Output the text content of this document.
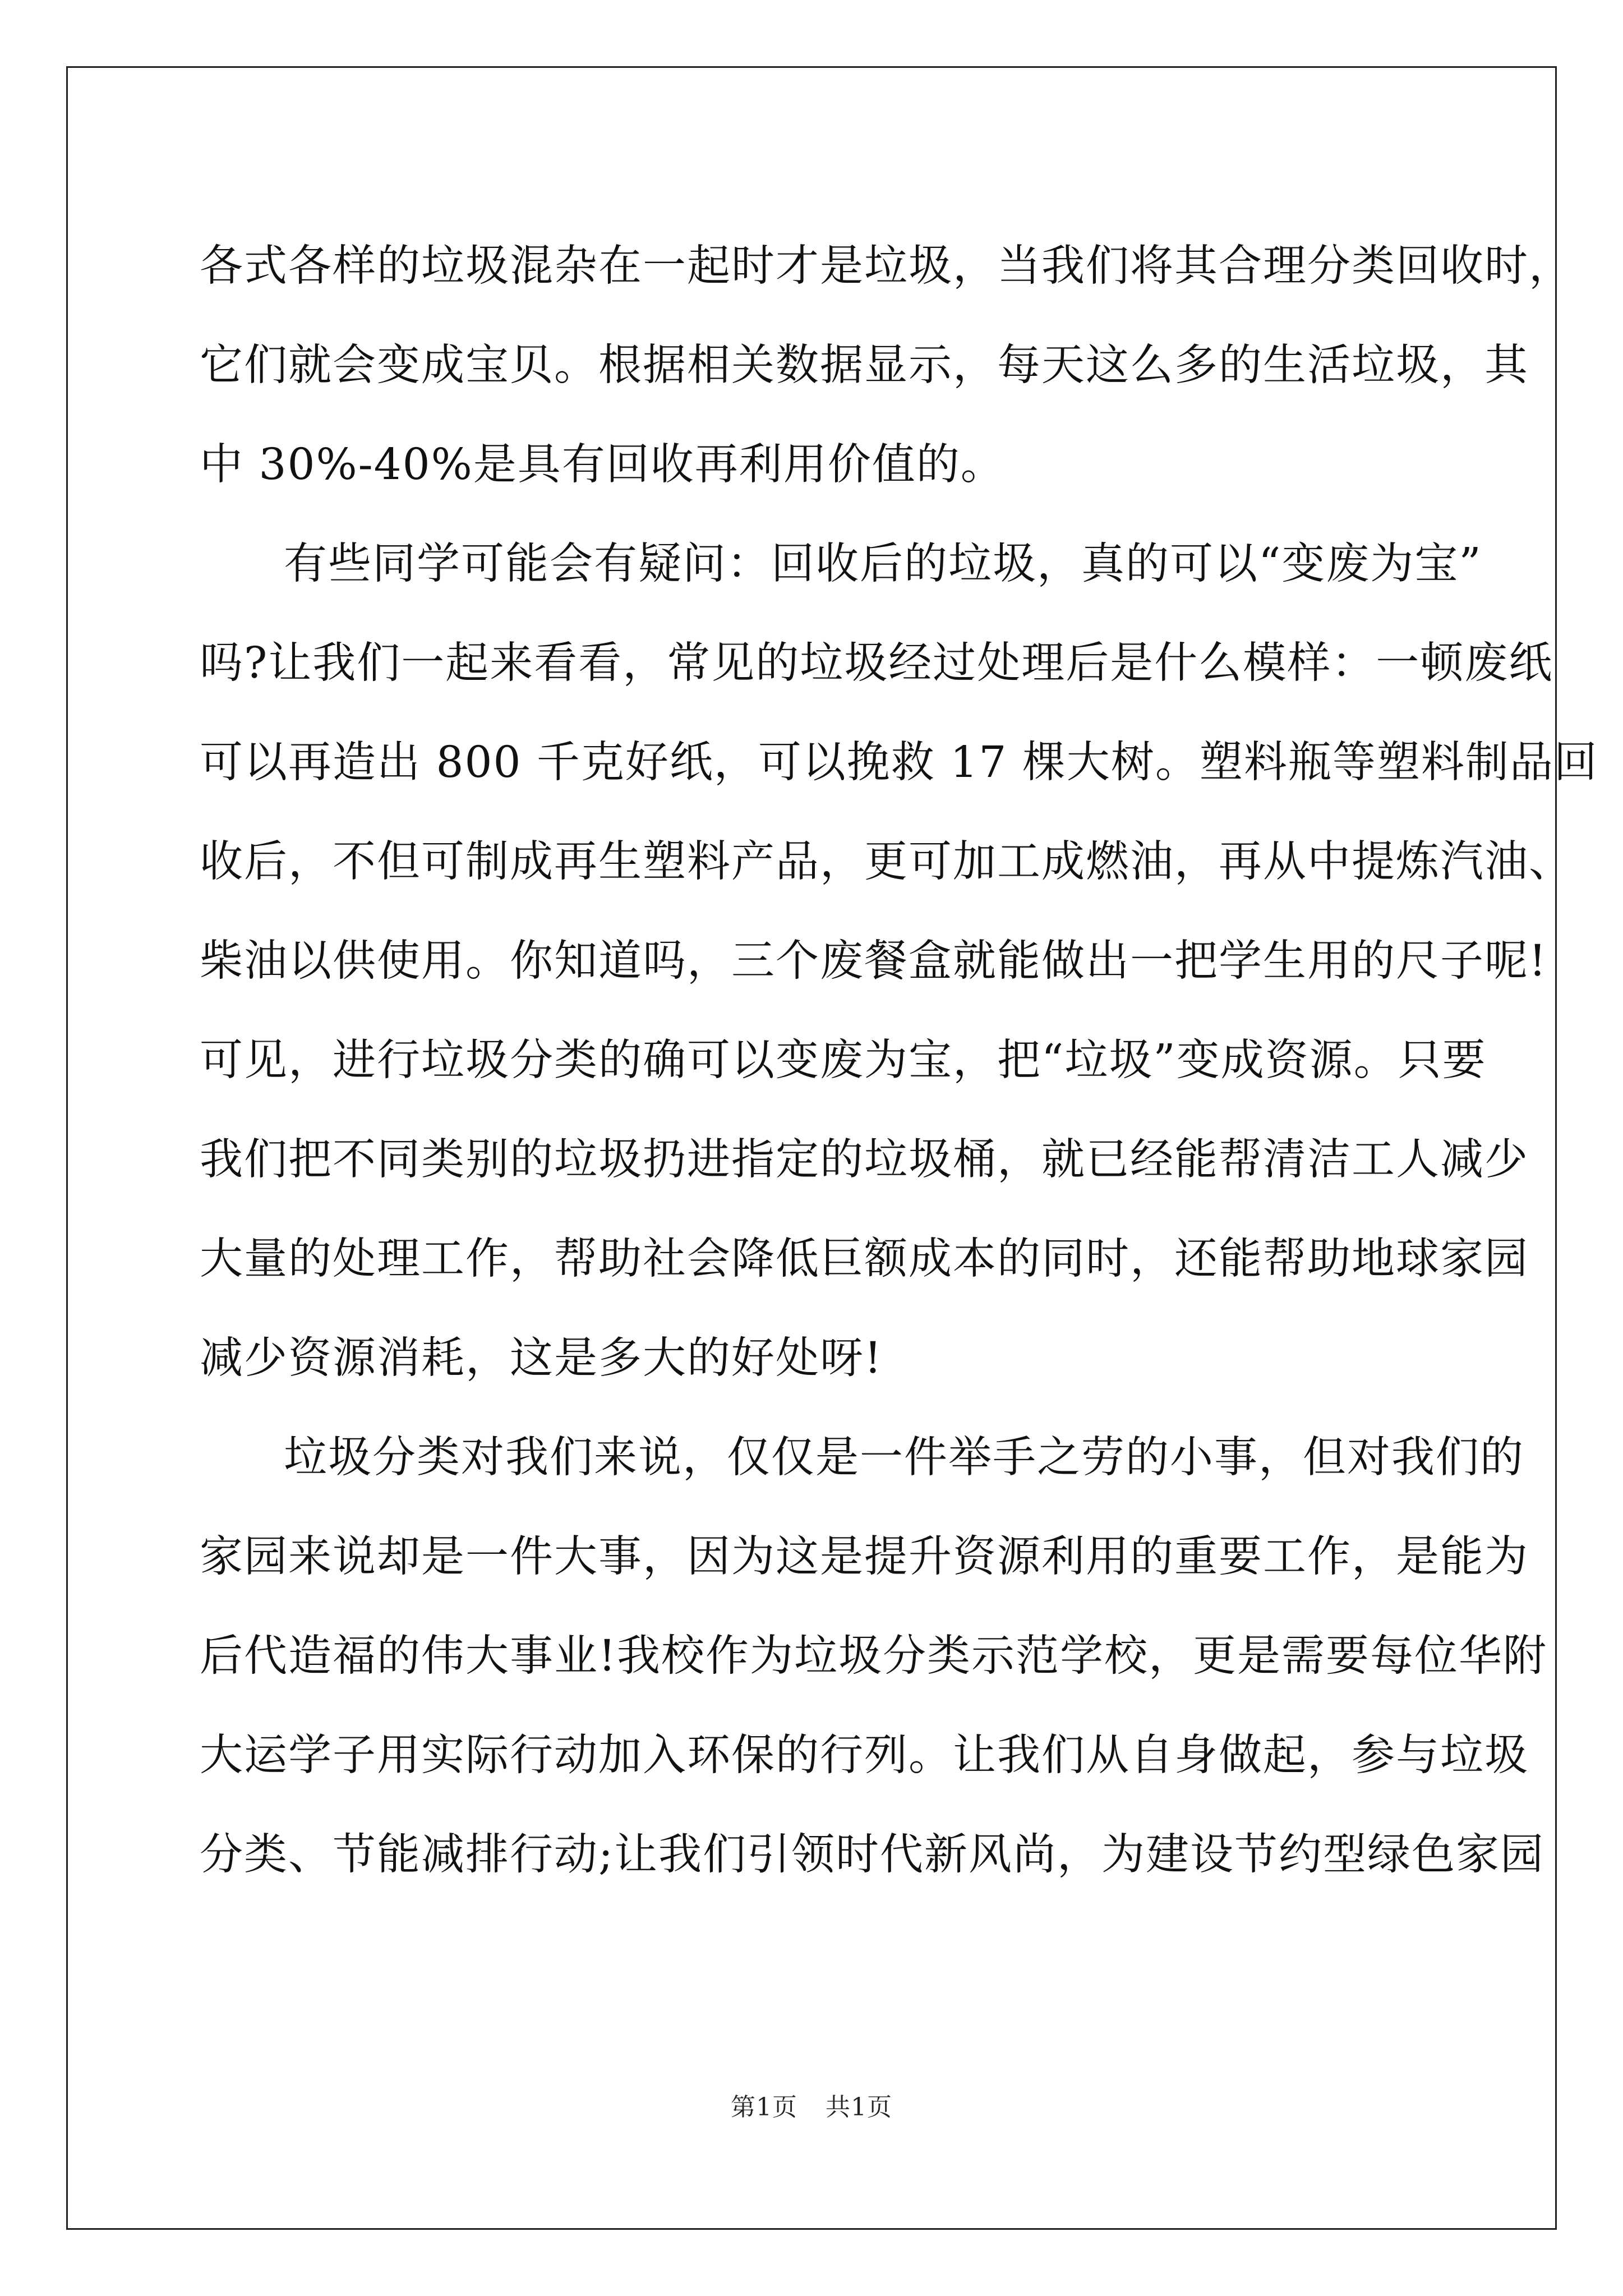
各式各样的垃圾混杂在一起时才是垃圾，当我们将其合理分类回收时，
它们就会变成宝贝。根据相关数据显示，每天这么多的生活垃圾，其
中 30%-40%是具有回收再利用价值的。
有些同学可能会有疑问：回收后的垃圾，真的可以“变废为宝”
吗?让我们一起来看看，常见的垃圾经过处理后是什么模样：一顿废纸
可以再造出 800 千克好纸，可以挽救 17 棵大树。塑料瓶等塑料制品回
收后，不但可制成再生塑料产品，更可加工成燃油，再从中提炼汽油、
柴油以供使用。你知道吗，三个废餐盒就能做出一把学生用的尺子呢!
可见，进行垃圾分类的确可以变废为宝，把“垃圾”变成资源。只要
我们把不同类别的垃圾扔进指定的垃圾桶，就已经能帮清洁工人减少
大量的处理工作，帮助社会降低巨额成本的同时，还能帮助地球家园
减少资源消耗，这是多大的好处呀!
垃圾分类对我们来说，仅仅是一件举手之劳的小事，但对我们的
家园来说却是一件大事，因为这是提升资源利用的重要工作，是能为
后代造福的伟大事业!我校作为垃圾分类示范学校，更是需要每位华附
大运学子用实际行动加入环保的行列。让我们从自身做起，参与垃圾
分类、节能减排行动;让我们引领时代新风尚，为建设节约型绿色家园
第1页 共1页
